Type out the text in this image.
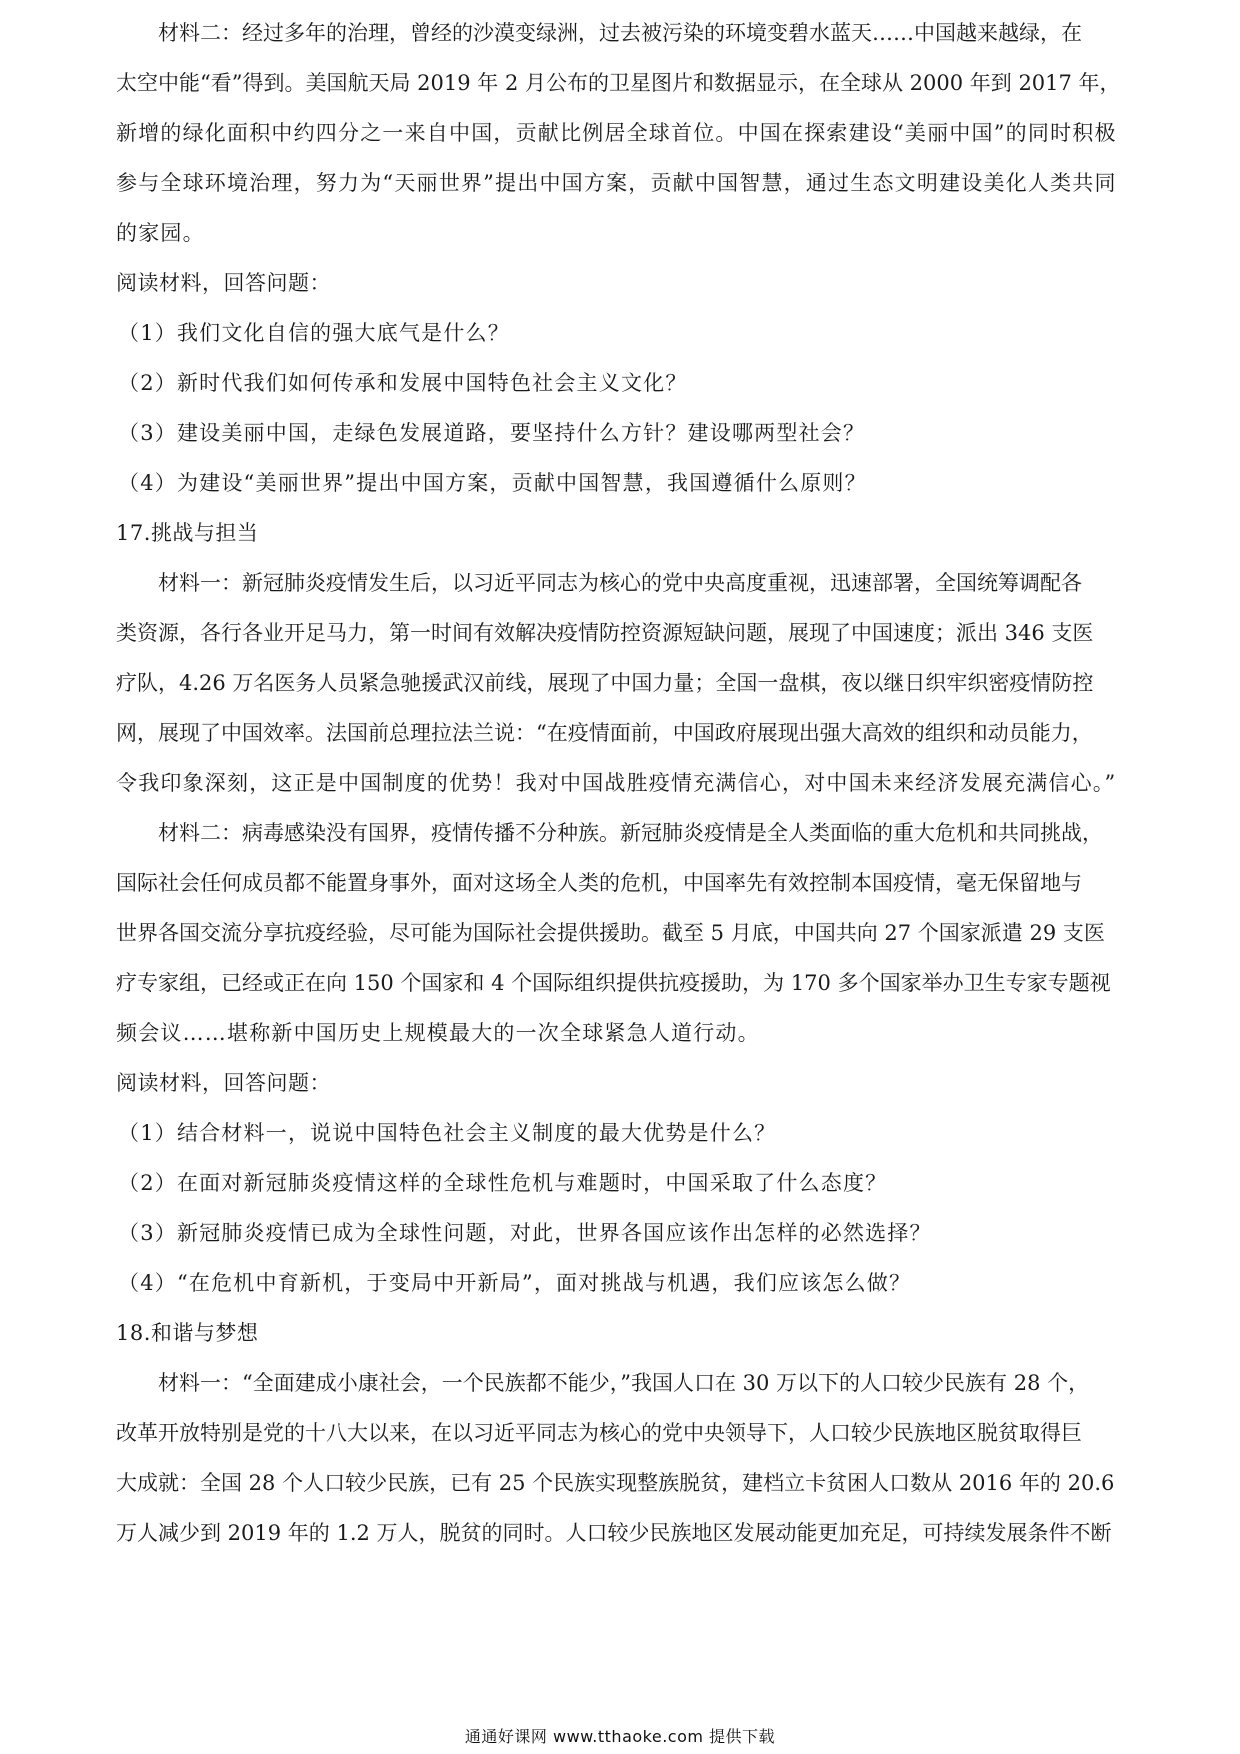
材料二：经过多年的治理，曾经的沙漠变绿洲，过去被污染的环境变碧水蓝天……中国越来越绿，在
太空中能“看”得到。美国航天局 2019 年 2 月公布的卫星图片和数据显示，在全球从 2000 年到 2017 年，
新增的绿化面积中约四分之一来自中国，贡献比例居全球首位。中国在探索建设“美丽中国”的同时积极
参与全球环境治理，努力为“天丽世界”提出中国方案，贡献中国智慧，通过生态文明建设美化人类共同
的家园。
阅读材料，回答问题：
（1）我们文化自信的强大底气是什么？
（2）新时代我们如何传承和发展中国特色社会主义文化？
（3）建设美丽中国，走绿色发展道路，要坚持什么方针？建设哪两型社会？
（4）为建设“美丽世界”提出中国方案，贡献中国智慧，我国遵循什么原则？
17.挑战与担当
材料一：新冠肺炎疫情发生后，以习近平同志为核心的党中央高度重视，迅速部署，全国统筹调配各
类资源，各行各业开足马力，第一时间有效解决疫情防控资源短缺问题，展现了中国速度；派出 346 支医
疗队，4.26 万名医务人员紧急驰援武汉前线，展现了中国力量；全国一盘棋，夜以继日织牢织密疫情防控
网，展现了中国效率。法国前总理拉法兰说：“在疫情面前，中国政府展现出强大高效的组织和动员能力，
令我印象深刻，这正是中国制度的优势！我对中国战胜疫情充满信心，对中国未来经济发展充满信心。”
材料二：病毒感染没有国界，疫情传播不分种族。新冠肺炎疫情是全人类面临的重大危机和共同挑战，
国际社会任何成员都不能置身事外，面对这场全人类的危机，中国率先有效控制本国疫情，毫无保留地与
世界各国交流分享抗疫经验，尽可能为国际社会提供援助。截至 5 月底，中国共向 27 个国家派遣 29 支医
疗专家组，已经或正在向 150 个国家和 4 个国际组织提供抗疫援助，为 170 多个国家举办卫生专家专题视
频会议……堪称新中国历史上规模最大的一次全球紧急人道行动。
阅读材料，回答问题：
（1）结合材料一，说说中国特色社会主义制度的最大优势是什么？
（2）在面对新冠肺炎疫情这样的全球性危机与难题时，中国采取了什么态度？
（3）新冠肺炎疫情已成为全球性问题，对此，世界各国应该作出怎样的必然选择？
（4）“在危机中育新机，于变局中开新局”，面对挑战与机遇，我们应该怎么做？
18.和谐与梦想
材料一：“全面建成小康社会，一个民族都不能少，”我国人口在 30 万以下的人口较少民族有 28 个，
改革开放特别是党的十八大以来，在以习近平同志为核心的党中央领导下，人口较少民族地区脱贫取得巨
大成就：全国 28 个人口较少民族，已有 25 个民族实现整族脱贫，建档立卡贫困人口数从 2016 年的 20.6
万人减少到 2019 年的 1.2 万人，脱贫的同时。人口较少民族地区发展动能更加充足，可持续发展条件不断
通通好课网 www.tthaoke.com 提供下载
